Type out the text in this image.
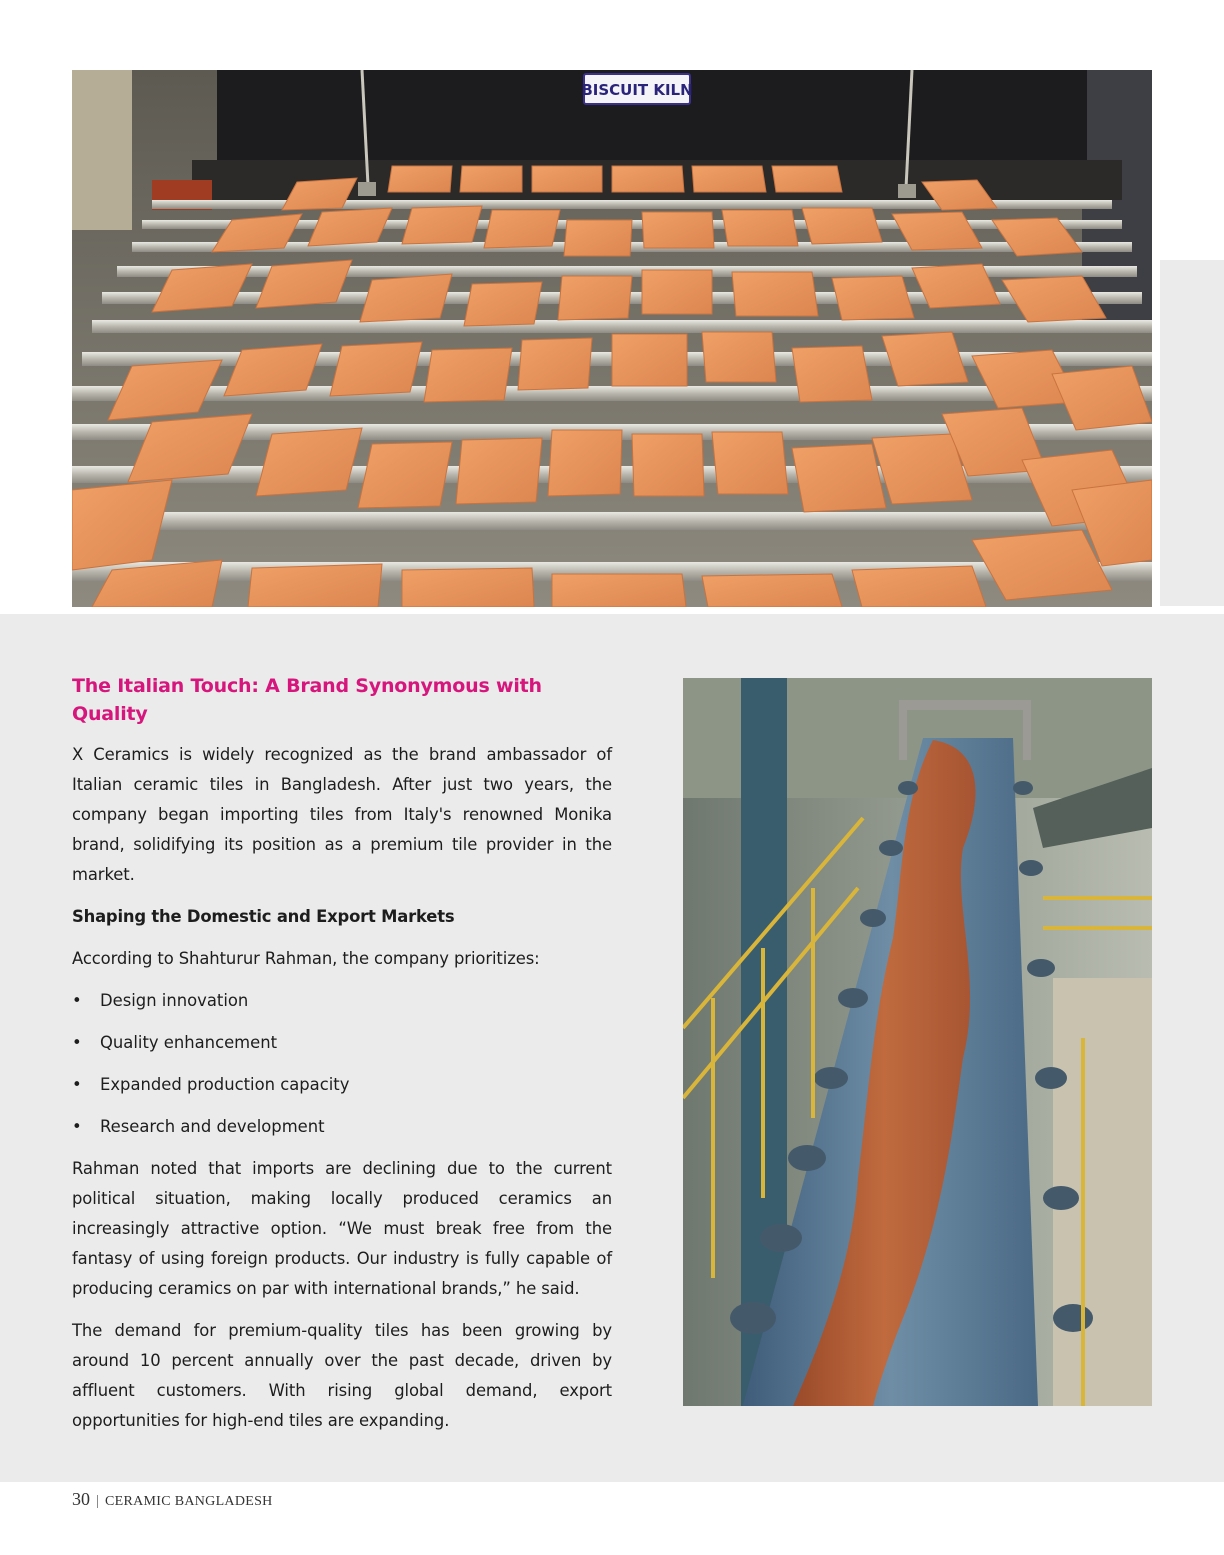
BISCUIT KILN
The Italian Touch: A Brand Synonymous with Quality

X Ceramics is widely recognized as the brand ambassador of Italian ceramic tiles in Bangladesh. After just two years, the company began importing tiles from Italy's renowned Monika brand, solidifying its position as a premium tile provider in the market.

Shaping the Domestic and Export Markets

According to Shahturur Rahman, the company prioritizes:

• Design innovation
• Quality enhancement
• Expanded production capacity
• Research and development

Rahman noted that imports are declining due to the current political situation, making locally produced ceramics an increasingly attractive option. “We must break free from the fantasy of using foreign products. Our industry is fully capable of producing ceramics on par with international brands,” he said.

The demand for premium-quality tiles has been growing by around 10 percent annually over the past decade, driven by affluent customers. With rising global demand, export opportunities for high-end tiles are expanding.

30 | CERAMIC BANGLADESH
